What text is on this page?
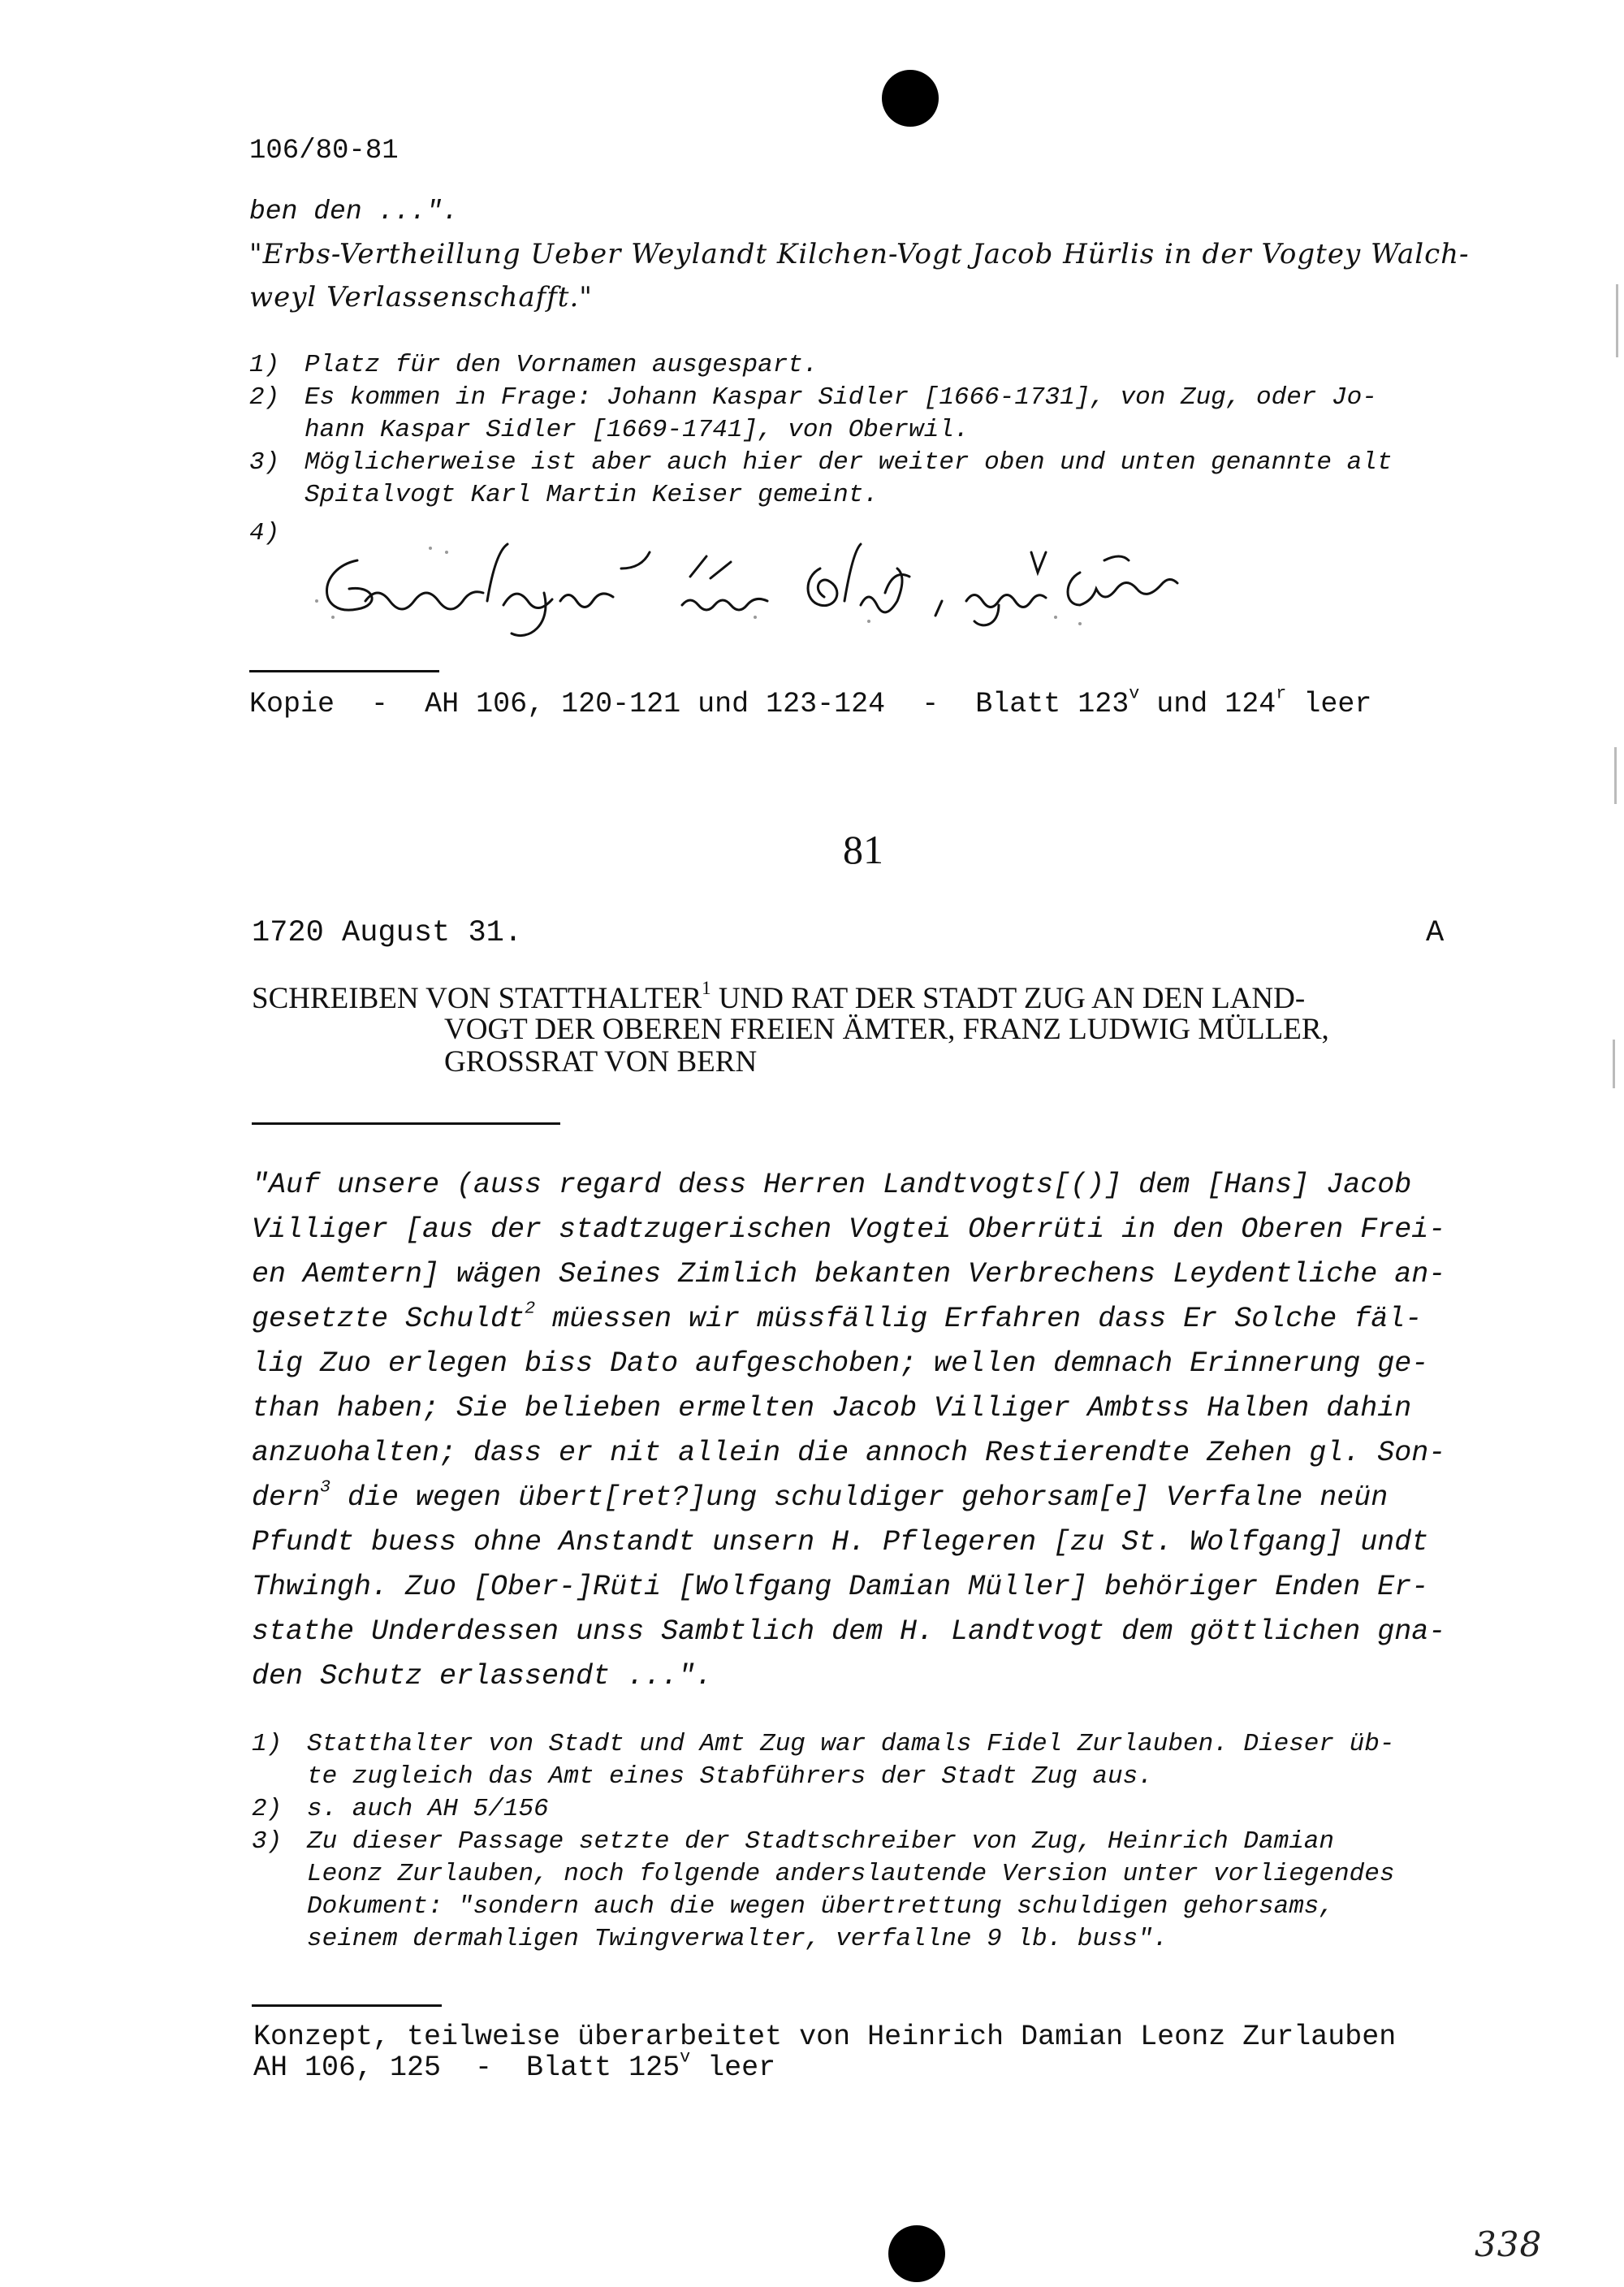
106/80-81
ben den ...".
"Erbs-Vertheillung Ueber Weylandt Kilchen-Vogt Jacob Hürlis in der Vogtey Walch-
weyl Verlassenschafft."
1) Platz für den Vornamen ausgespart.
2) Es kommen in Frage: Johann Kaspar Sidler [1666-1731], von Zug, oder Jo-
hann Kaspar Sidler [1669-1741], von Oberwil.
3) Möglicherweise ist aber auch hier der weiter oben und unten genannte alt
Spitalvogt Karl Martin Keiser gemeint.
4)
Kopie - AH 106, 120-121 und 123-124 - Blatt 123$^v$ und 124$^r$ leer
81
1720 August 31.	A
SCHREIBEN VON STATTHALTER$^1$ UND RAT DER STADT ZUG AN DEN LAND-
VOGT DER OBEREN FREIEN ÄMTER, FRANZ LUDWIG MÜLLER,
GROSSRAT VON BERN
"Auf unsere (auss regard dess Herren Landtvogts[()] dem [Hans] Jacob
Villiger [aus der stadtzugerischen Vogtei Oberrüti in den Oberen Frei-
en Aemtern] wägen Seines Zimlich bekanten Verbrechens Leydentliche an-
gesetzte Schuldt$^2$ müessen wir müssfällig Erfahren dass Er Solche fäl-
lig Zuo erlegen biss Dato aufgeschoben; wellen demnach Erinnerung ge-
than haben; Sie belieben ermelten Jacob Villiger Ambtss Halben dahin
anzuohalten; dass er nit allein die annoch Restierendte Zehen gl. Son-
dern$^3$ die wegen übert[ret?]ung schuldiger gehorsam[e] Verfalne neün
Pfundt buess ohne Anstandt unsern H. Pflegeren [zu St. Wolfgang] undt
Thwingh. Zuo [Ober-]Rüti [Wolfgang Damian Müller] behöriger Enden Er-
stathe Underdessen unss Sambtlich dem H. Landtvogt dem göttlichen gna-
den Schutz erlassendt ...".
1) Statthalter von Stadt und Amt Zug war damals Fidel Zurlauben. Dieser üb-
te zugleich das Amt eines Stabführers der Stadt Zug aus.
2) s. auch AH 5/156
3) Zu dieser Passage setzte der Stadtschreiber von Zug, Heinrich Damian
Leonz Zurlauben, noch folgende anderslautende Version unter vorliegendes
Dokument: "sondern auch die wegen übertrettung schuldigen gehorsams,
seinem dermahligen Twingverwalter, verfallne 9 lb. buss".
Konzept, teilweise überarbeitet von Heinrich Damian Leonz Zurlauben
AH 106, 125  -  Blatt 125$^v$ leer
338
